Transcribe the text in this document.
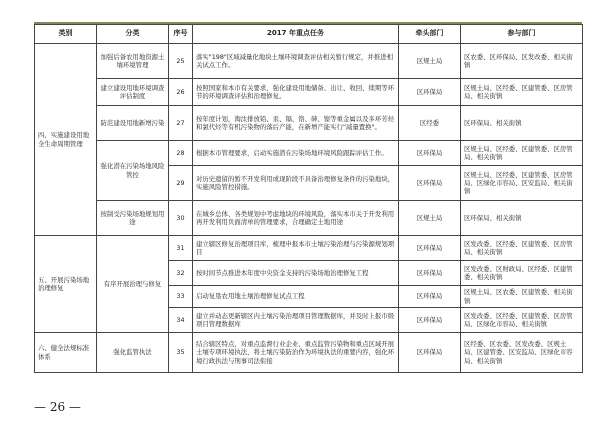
类别	分类	序号	2017 年重点任务	牵头部门	参与部门
四、实施建设用地全生命周期管理	加强后备农用地资源土壤环境管理	25	落实"198"区域减量化地块土壤环境调查评估相关暂行规定，并推进相关试点工作。	区规土局	区农委、区环保局、区发改委、相关街镇
	建立建设用地环境调查评估制度	26	按照国家和本市有关要求，强化建设用地储备、出让、收回、续期等环节的环境调查评估和治理修复。	区环保局	区规土局、区经委、区建管委、区房管局、相关街镇
	防范建设用地新增污染	27	按年度计划，淘汰排放铅、汞、镉、铬、砷、镍等重金属以及多环芳烃和氯代烃等有机污染物的落后产能，在新增产能实行"减量置换"。	区经委	区环保局、相关街镇
	强化潜在污染场地风险管控	28	根据本市管理要求，启动实施潜在污染场地环境风险跟踪评估工作。	区环保局	区规土局、区经委、区建管委、区房管局、相关街镇
		29	对历史遗留的暂不开发利用或现阶段不具备治理修复条件的污染地块，实施风险管控措施。	区环保局	区规土局、区经委、区建管委、区房管局、区绿化市容局、区安监局、相关街镇
	按制受污染场地规划用途	30	在城乡总体、各类规划中考虑地块的环境风险，落实本市关于开发利用再开发利用负面清单的管理要求，合理确定土地用途	区规土局	区环保局、相关街镇
五、开展污染场地治理修复	有序开展治理与修复	31	建立辖区修复治理项目库，梳理申报本市土壤污染治理与污染源规划项目	区环保局	区发改委、区经委、区建管委、区房管局、相关街镇
		32	按时间节点推进本年度中央资金支持的污染场地治理修复工程	区环保局	区发改委、区财政局、区经委、区建管委、相关街镇
		33	启动复垦农用地土壤治理修复试点工程	区环保局	区规土局、区农委、区建管委、相关街镇
		34	建立并动态更新辖区内土壤污染治理项目管理数据库，并及时上报市级项目管理数据库	区环保局	区发改委、区经委、区建管委、区房管局、区绿化市容局、相关街镇
六、健全法规标准体系	强化监管执法	35	结合辖区特点，对重点监督行业企业、重点监管污染物和重点区域开展土壤专项环境执法，将土壤污染防治作为环境执法的重要内容，强化环境行政执法与刑事司法衔接	区环保局	区经委、区农委、区发改委、区规土局、区建管委、区安监局、区绿化市容局、相关街镇
— 26 —
